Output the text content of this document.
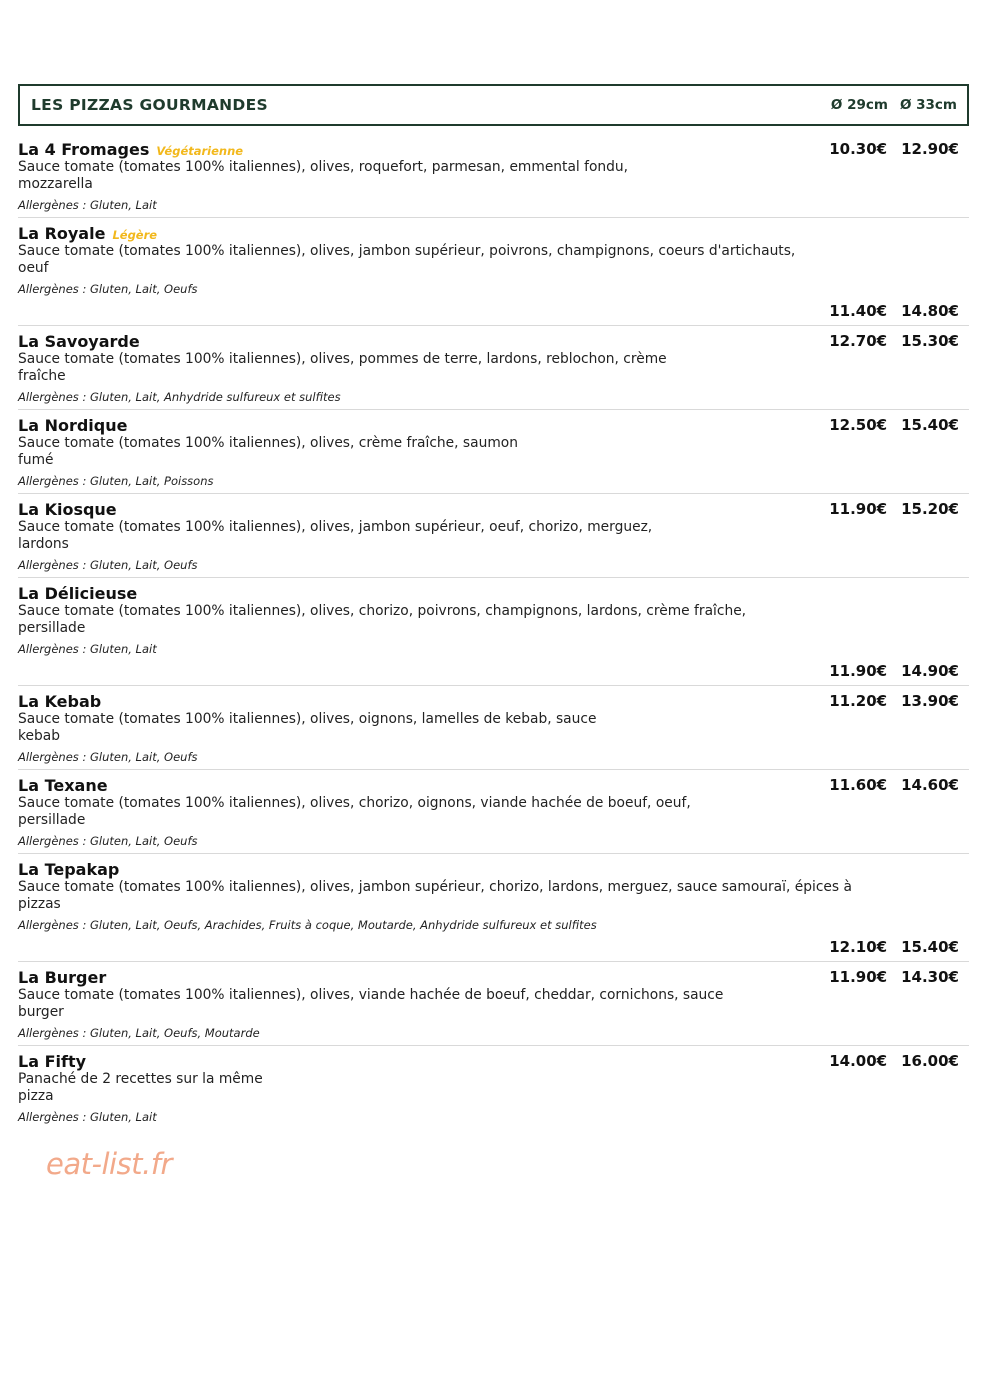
LES PIZZAS GOURMANDES	Ø 29cm Ø 33cm
La 4 Fromages Végétarienne
Sauce tomate (tomates 100% italiennes), olives, roquefort, parmesan, emmental fondu,
mozzarella
Allergènes : Gluten, Lait
10.30€ 12.90€
La Royale Légère
Sauce tomate (tomates 100% italiennes), olives, jambon supérieur, poivrons, champignons, coeurs d'artichauts,
oeuf
Allergènes : Gluten, Lait, Oeufs
11.40€ 14.80€
La Savoyarde
Sauce tomate (tomates 100% italiennes), olives, pommes de terre, lardons, reblochon, crème
fraîche
Allergènes : Gluten, Lait, Anhydride sulfureux et sulfites
12.70€ 15.30€
La Nordique
Sauce tomate (tomates 100% italiennes), olives, crème fraîche, saumon
fumé
Allergènes : Gluten, Lait, Poissons
12.50€ 15.40€
La Kiosque
Sauce tomate (tomates 100% italiennes), olives, jambon supérieur, oeuf, chorizo, merguez,
lardons
Allergènes : Gluten, Lait, Oeufs
11.90€ 15.20€
La Délicieuse
Sauce tomate (tomates 100% italiennes), olives, chorizo, poivrons, champignons, lardons, crème fraîche,
persillade
Allergènes : Gluten, Lait
11.90€ 14.90€
La Kebab
Sauce tomate (tomates 100% italiennes), olives, oignons, lamelles de kebab, sauce
kebab
Allergènes : Gluten, Lait, Oeufs
11.20€ 13.90€
La Texane
Sauce tomate (tomates 100% italiennes), olives, chorizo, oignons, viande hachée de boeuf, oeuf,
persillade
Allergènes : Gluten, Lait, Oeufs
11.60€ 14.60€
La Tepakap
Sauce tomate (tomates 100% italiennes), olives, jambon supérieur, chorizo, lardons, merguez, sauce samouraï, épices à
pizzas
Allergènes : Gluten, Lait, Oeufs, Arachides, Fruits à coque, Moutarde, Anhydride sulfureux et sulfites
12.10€ 15.40€
La Burger
Sauce tomate (tomates 100% italiennes), olives, viande hachée de boeuf, cheddar, cornichons, sauce
burger
Allergènes : Gluten, Lait, Oeufs, Moutarde
11.90€ 14.30€
La Fifty
Panaché de 2 recettes sur la même
pizza
Allergènes : Gluten, Lait
14.00€ 16.00€
eat-list.fr
